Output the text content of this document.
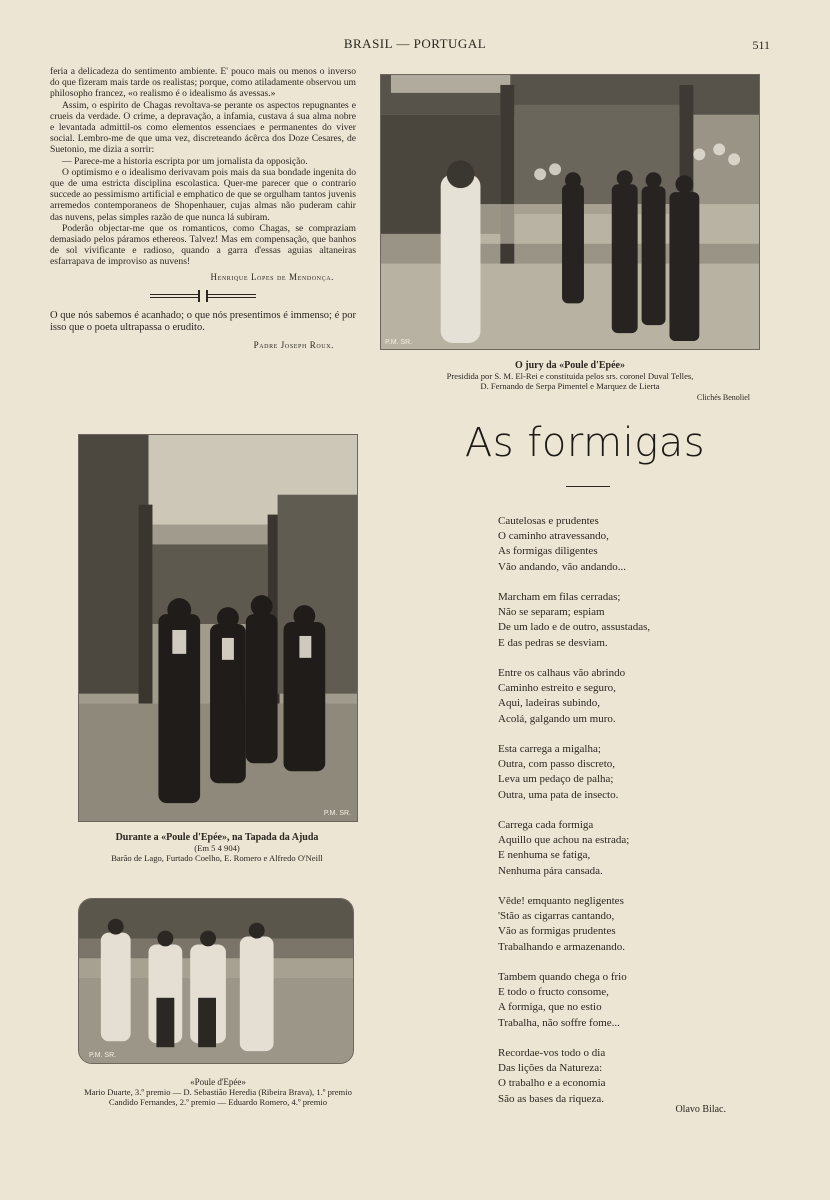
BRASIL — PORTUGAL	511

feria a delicadeza do sentimento ambiente. E' pouco mais ou menos o inverso do que fizeram mais tarde os realistas; porque, como atiladamente observou um philosopho francez, «o realismo é o idealismo ás avessas.»

Assim, o espirito de Chagas revoltava-se perante os aspectos repugnantes e crueis da verdade. O crime, a depravação, a infamia, custava á sua alma nobre e levantada admittil-os como elementos essenciaes e permanentes do viver social. Lembro-me de que uma vez, discreteando ácêrca dos Doze Cesares, de Suetonio, me dizia a sorrir:

— Parece-me a historia escripta por um jornalista da opposição.

O optimismo e o idealismo derivavam pois mais da sua bondade ingenita do que de uma estricta disciplina escolastica. Quer-me parecer que o contrario succede ao pessimismo artificial e emphatico de que se orgulham tantos juvenis arremedos contemporaneos de Shopenhauer, cujas almas não puderam cahir das nuvens, pelas simples razão de que nunca lá subiram.

Poderão objectar-me que os romanticos, como Chagas, se compraziam demasiado pelos páramos ethereos. Talvez! Mas em compensação, que banhos de sol vivificante e radioso, quando a garra d'essas aguias altaneiras esfarrapava de improviso as nuvens!

Henrique Lopes de Mendonça.
O que nós sabemos é acanhado; o que nós presentimos é immenso; é por isso que o poeta ultrapassa o erudito.
Padre Joseph Roux.	P.M. SR.
O jury da «Poule d'Epée»
Presidida por S. M. El-Rei e constituida pelos srs. coronel Duval Telles,
D. Fernando de Serpa Pimentel e Marquez de Lierta
Clichés Benoliel
As formigas
Cautelosas e prudentes
O caminho atravessando,
As formigas diligentes
Vão andando, vão andando...
Marcham em filas cerradas;
Não se separam; espiam
De um lado e de outro, assustadas,
E das pedras se desviam.
Entre os calhaus vão abrindo
Caminho estreito e seguro,
Aqui, ladeiras subindo,
Acolá, galgando um muro.
Esta carrega a migalha;
Outra, com passo discreto,
Leva um pedaço de palha;
Outra, uma pata de insecto.
Carrega cada formiga
Aquillo que achou na estrada;
E nenhuma se fatiga,
Nenhuma pára cansada.
Vêde! emquanto negligentes
'Stão as cigarras cantando,
Vão as formigas prudentes
Trabalhando e armazenando.
Tambem quando chega o frio
E todo o fructo consome,
A formiga, que no estio
Trabalha, não soffre fome...
Recordae-vos todo o dia
Das lições da Natureza:
O trabalho e a economia
São as bases da riqueza.
Olavo Bilac.
P.M. SR.
Durante a «Poule d'Epée», na Tapada da Ajuda
(Em 5 4 904)
Barão de Lago, Furtado Coelho, E. Romero e Alfredo O'Neill
P.M. SR.
«Poule d'Epée»
Mario Duarte, 3.º premio — D. Sebastião Heredia (Ribeira Brava), 1.º premio
Candido Fernandes, 2.º premio — Eduardo Romero, 4.º premio
